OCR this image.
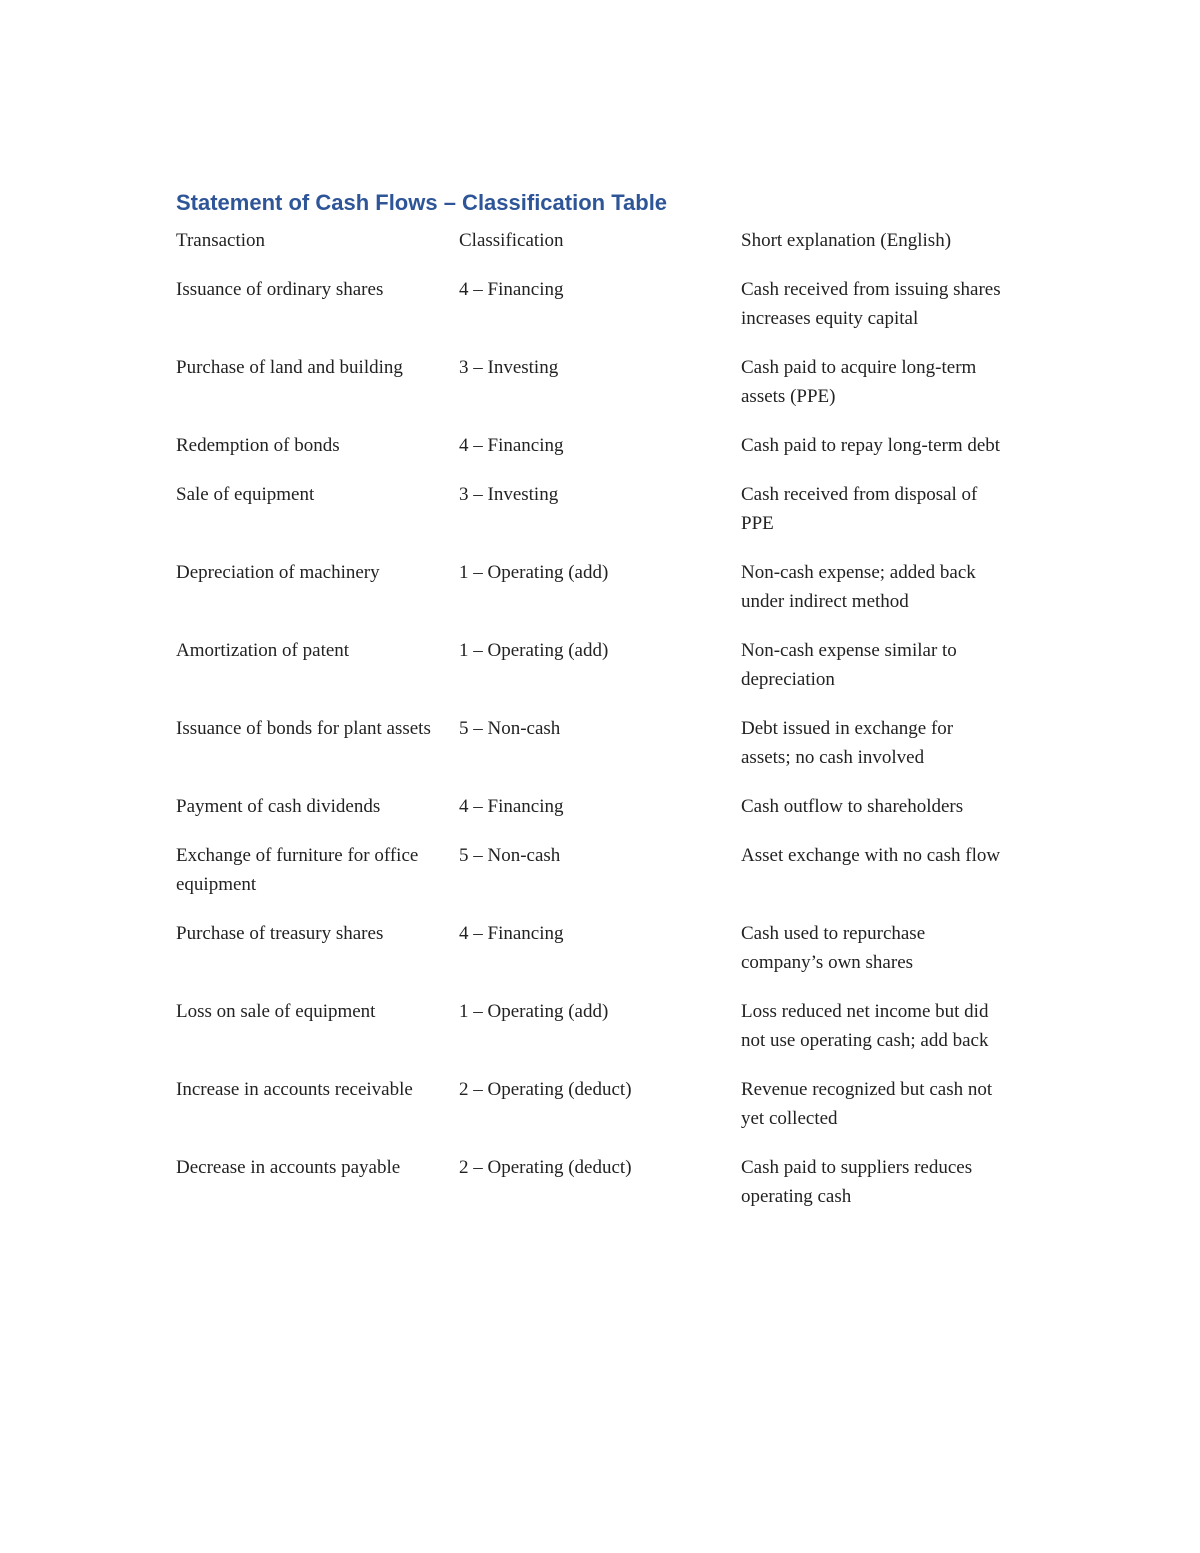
Statement of Cash Flows – Classification Table
Transaction	Classification	Short explanation (English)
Issuance of ordinary shares	4 – Financing	Cash received from issuing shares increases equity capital
Purchase of land and building	3 – Investing	Cash paid to acquire long-term assets (PPE)
Redemption of bonds	4 – Financing	Cash paid to repay long-term debt
Sale of equipment	3 – Investing	Cash received from disposal of PPE
Depreciation of machinery	1 – Operating (add)	Non-cash expense; added back under indirect method
Amortization of patent	1 – Operating (add)	Non-cash expense similar to depreciation
Issuance of bonds for plant assets	5 – Non-cash	Debt issued in exchange for assets; no cash involved
Payment of cash dividends	4 – Financing	Cash outflow to shareholders
Exchange of furniture for office equipment	5 – Non-cash	Asset exchange with no cash flow
Purchase of treasury shares	4 – Financing	Cash used to repurchase company’s own shares
Loss on sale of equipment	1 – Operating (add)	Loss reduced net income but did not use operating cash; add back
Increase in accounts receivable	2 – Operating (deduct)	Revenue recognized but cash not yet collected
Decrease in accounts payable	2 – Operating (deduct)	Cash paid to suppliers reduces operating cash
